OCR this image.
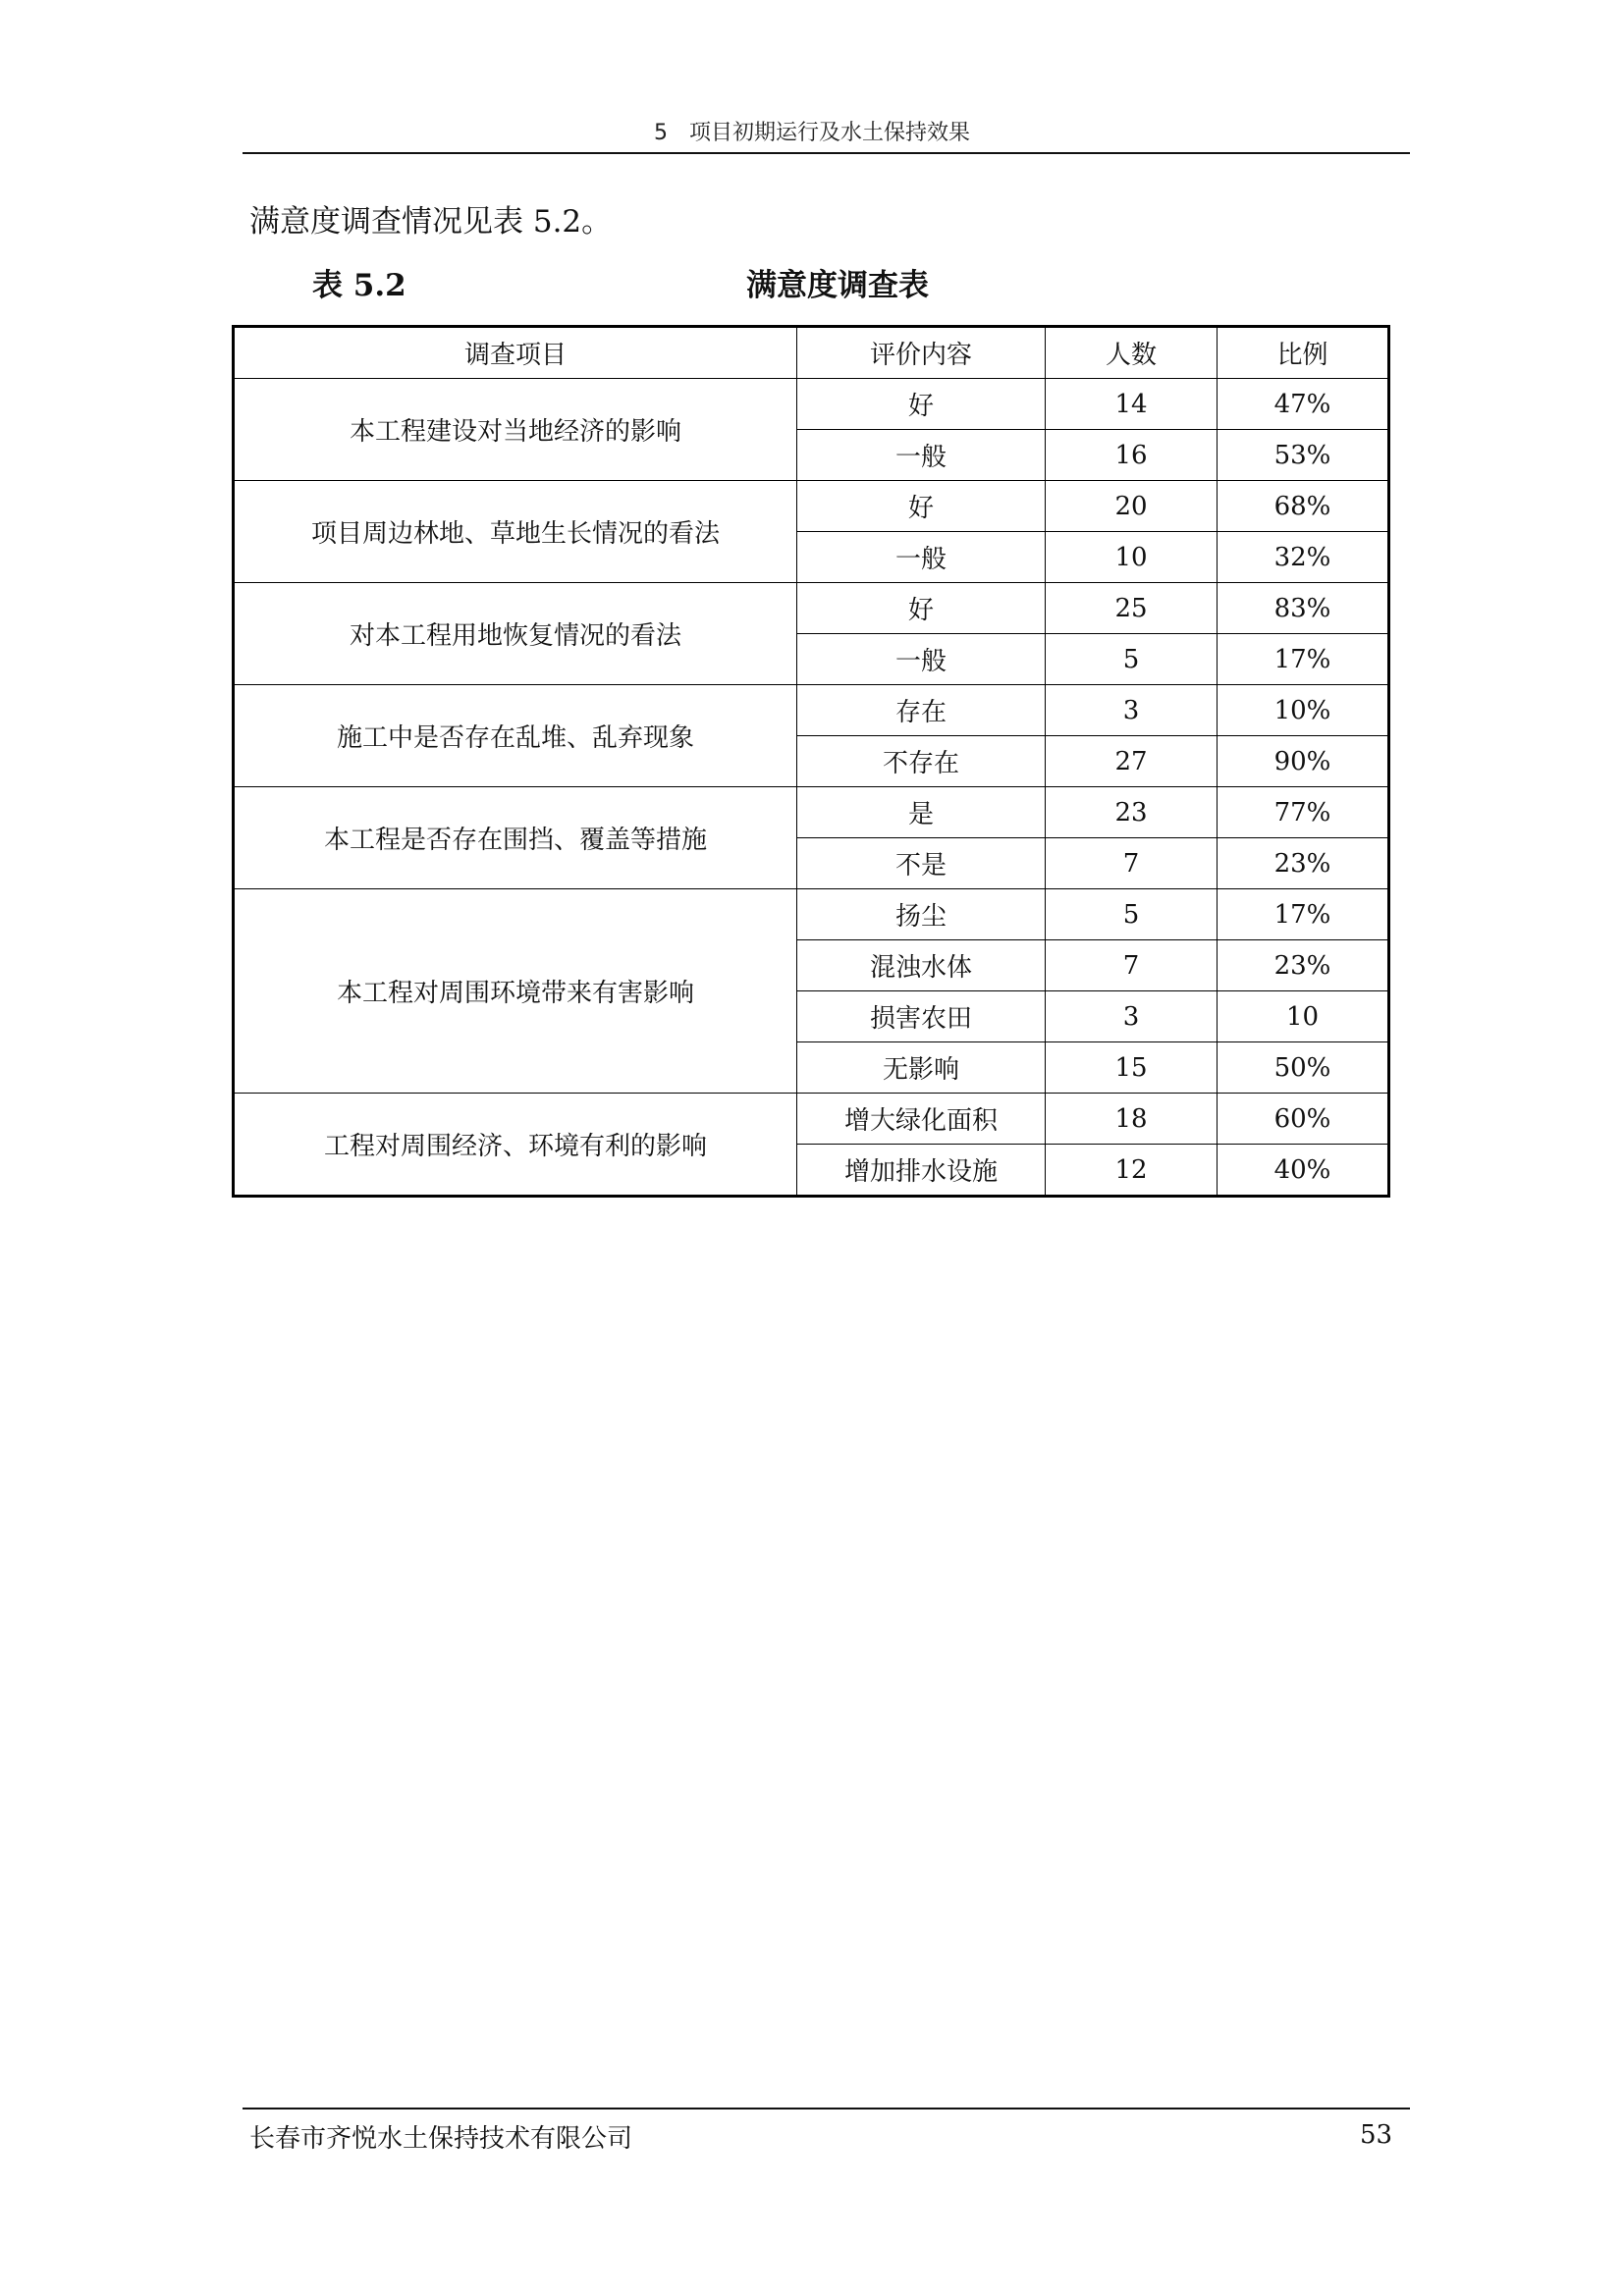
5　项目初期运行及水土保持效果
满意度调查情况见表 5.2。
表 5.2	满意度调查表
调查项目	评价内容	人数	比例
本工程建设对当地经济的影响	好	14	47%
	一般	16	53%
项目周边林地、草地生长情况的看法	好	20	68%
	一般	10	32%
对本工程用地恢复情况的看法	好	25	83%
	一般	5	17%
施工中是否存在乱堆、乱弃现象	存在	3	10%
	不存在	27	90%
本工程是否存在围挡、覆盖等措施	是	23	77%
	不是	7	23%
本工程对周围环境带来有害影响	扬尘	5	17%
	混浊水体	7	23%
	损害农田	3	10
	无影响	15	50%
工程对周围经济、环境有利的影响	增大绿化面积	18	60%
	增加排水设施	12	40%
长春市齐悦水土保持技术有限公司	53
